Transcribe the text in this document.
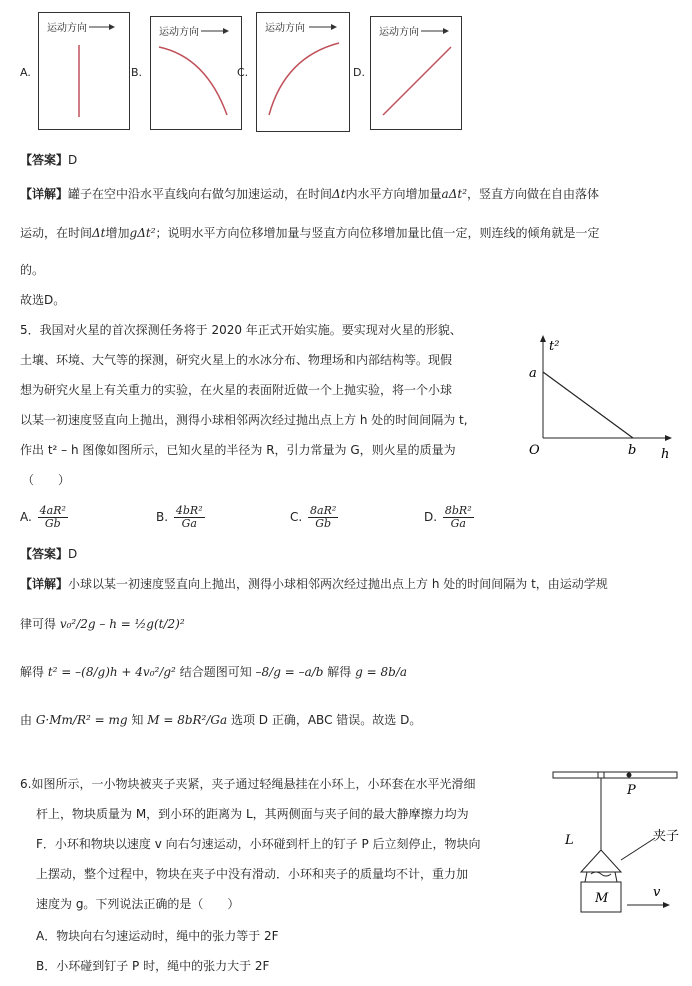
A.
运动方向
B.
运动方向
C.
运动方向
D.
运动方向
【答案】D
【详解】罐子在空中沿水平直线向右做匀加速运动，在时间Δt内水平方向增加量aΔt²，竖直方向做在自由落体
运动，在时间Δt增加gΔt²；说明水平方向位移增加量与竖直方向位移增加量比值一定，则连线的倾角就是一定
的。
故选D。
5．我国对火星的首次探测任务将于 2020 年正式开始实施。要实现对火星的形貌、
土壤、环境、大气等的探测，研究火星上的水冰分布、物理场和内部结构等。现假
想为研究火星上有关重力的实验，在火星的表面附近做一个上抛实验，将一个小球
以某一初速度竖直向上抛出，测得小球相邻两次经过抛出点上方 h 处的时间间隔为 t,
作出 t² – h 图像如图所示，已知火星的半径为 R，引力常量为 G，则火星的质量为
（　　）
t²
h
O
a
b
A. $\frac{\text{4aR²}}{Gb}$	B. $\frac{\text{4bR²}}{Ga}$	C. $\frac{\text{8aR²}}{Gb}$	D. $\frac{\text{8bR²}}{Ga}$
【答案】D
【详解】小球以某一初速度竖直向上抛出，测得小球相邻两次经过抛出点上方 h 处的时间间隔为 t，由运动学规
律可得 v₀²/2g – h = ½g(t/2)²
解得 t² = –(8/g)h + 4v₀²/g² 结合题图可知 –8/g = –a/b 解得 g = 8b/a
由 G·Mm/R² = mg 知 M = 8bR²/Ga 选项 D 正确，ABC 错误。故选 D。
6.如图所示，一小物块被夹子夹紧，夹子通过轻绳悬挂在小环上，小环套在水平光滑细
杆上，物块质量为 M，到小环的距离为 L，其两侧面与夹子间的最大静摩擦力均为
F．小环和物块以速度 v 向右匀速运动，小环碰到杆上的钉子 P 后立刻停止，物块向
上摆动，整个过程中，物块在夹子中没有滑动．小环和夹子的质量均不计，重力加
速度为 g。下列说法正确的是（　　）
A．物块向右匀速运动时，绳中的张力等于 2F
B．小环碰到钉子 P 时，绳中的张力大于 2F
P
L	夹子
M	v
